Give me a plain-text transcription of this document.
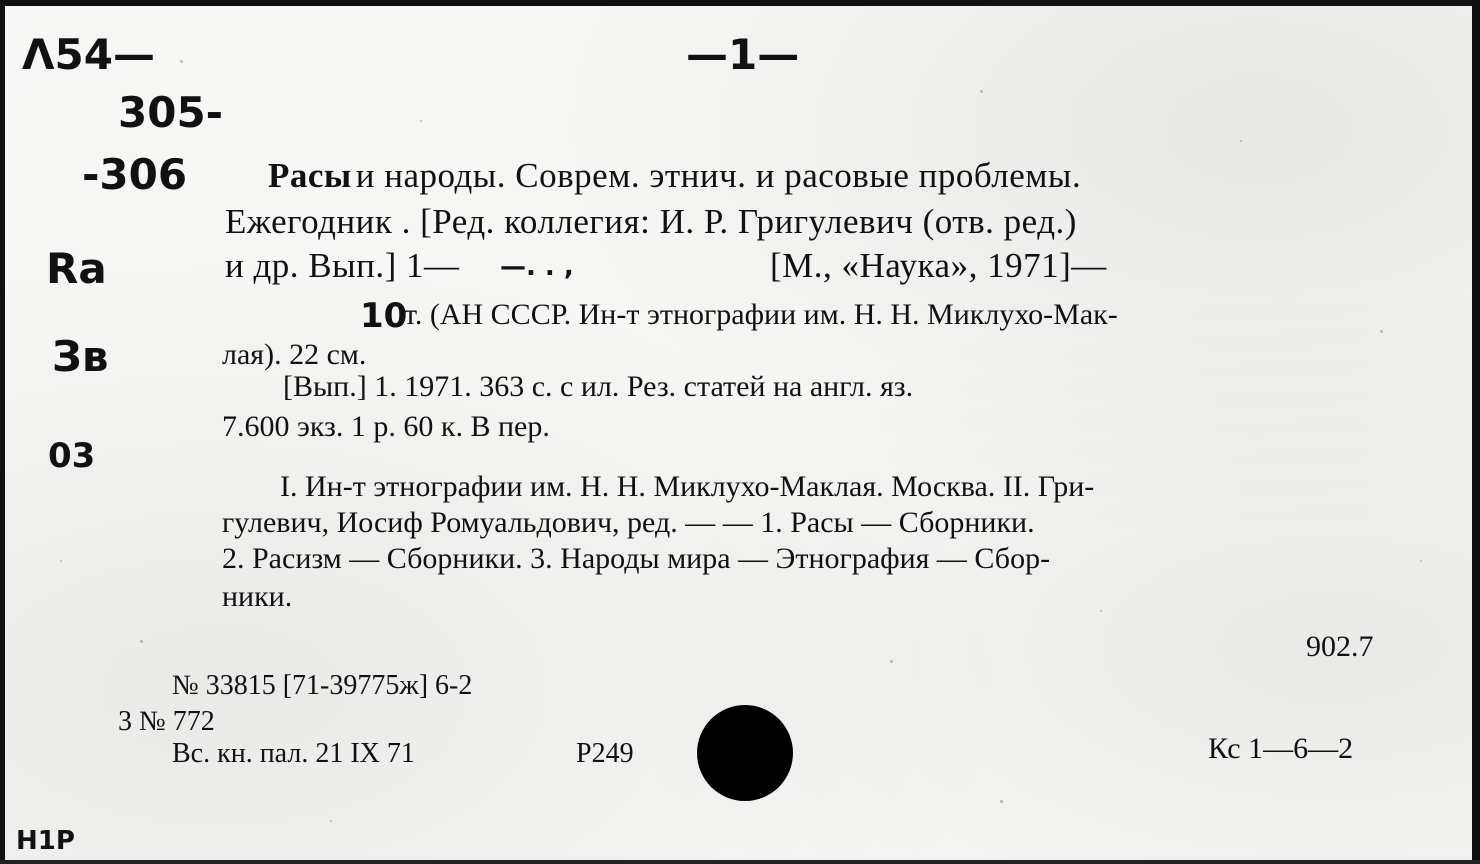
Λ54—
305-
-306
Ra
Зв
03
H1P
—1—
Расы и народы. Соврем. этнич. и расовые проблемы.
Ежегодник . [Ред. коллегия: И. Р. Григулевич (отв. ред.)
и др. Вып.] 1— —. . ,	[М., «Наука», 1971]—
10
т. (АН СССР. Ин-т этнографии им. Н. Н. Миклухо-Мак-
лая). 22 см.
[Вып.] 1. 1971. 363 с. с ил. Рез. статей на англ. яз.
7.600 экз. 1 р. 60 к. В пер.
I. Ин-т этнографии им. Н. Н. Миклухо-Маклая. Москва. II. Гри-
гулевич, Иосиф Ромуальдович, ред. — — 1. Расы — Сборники.
2. Расизм — Сборники. 3. Народы мира — Этнография — Сбор-
ники.
902.7
№ 33815 [71-39775ж] 6-2
3 № 772
Вс. кн. пал. 21 IX 71	Р249	Кс 1—6—2
